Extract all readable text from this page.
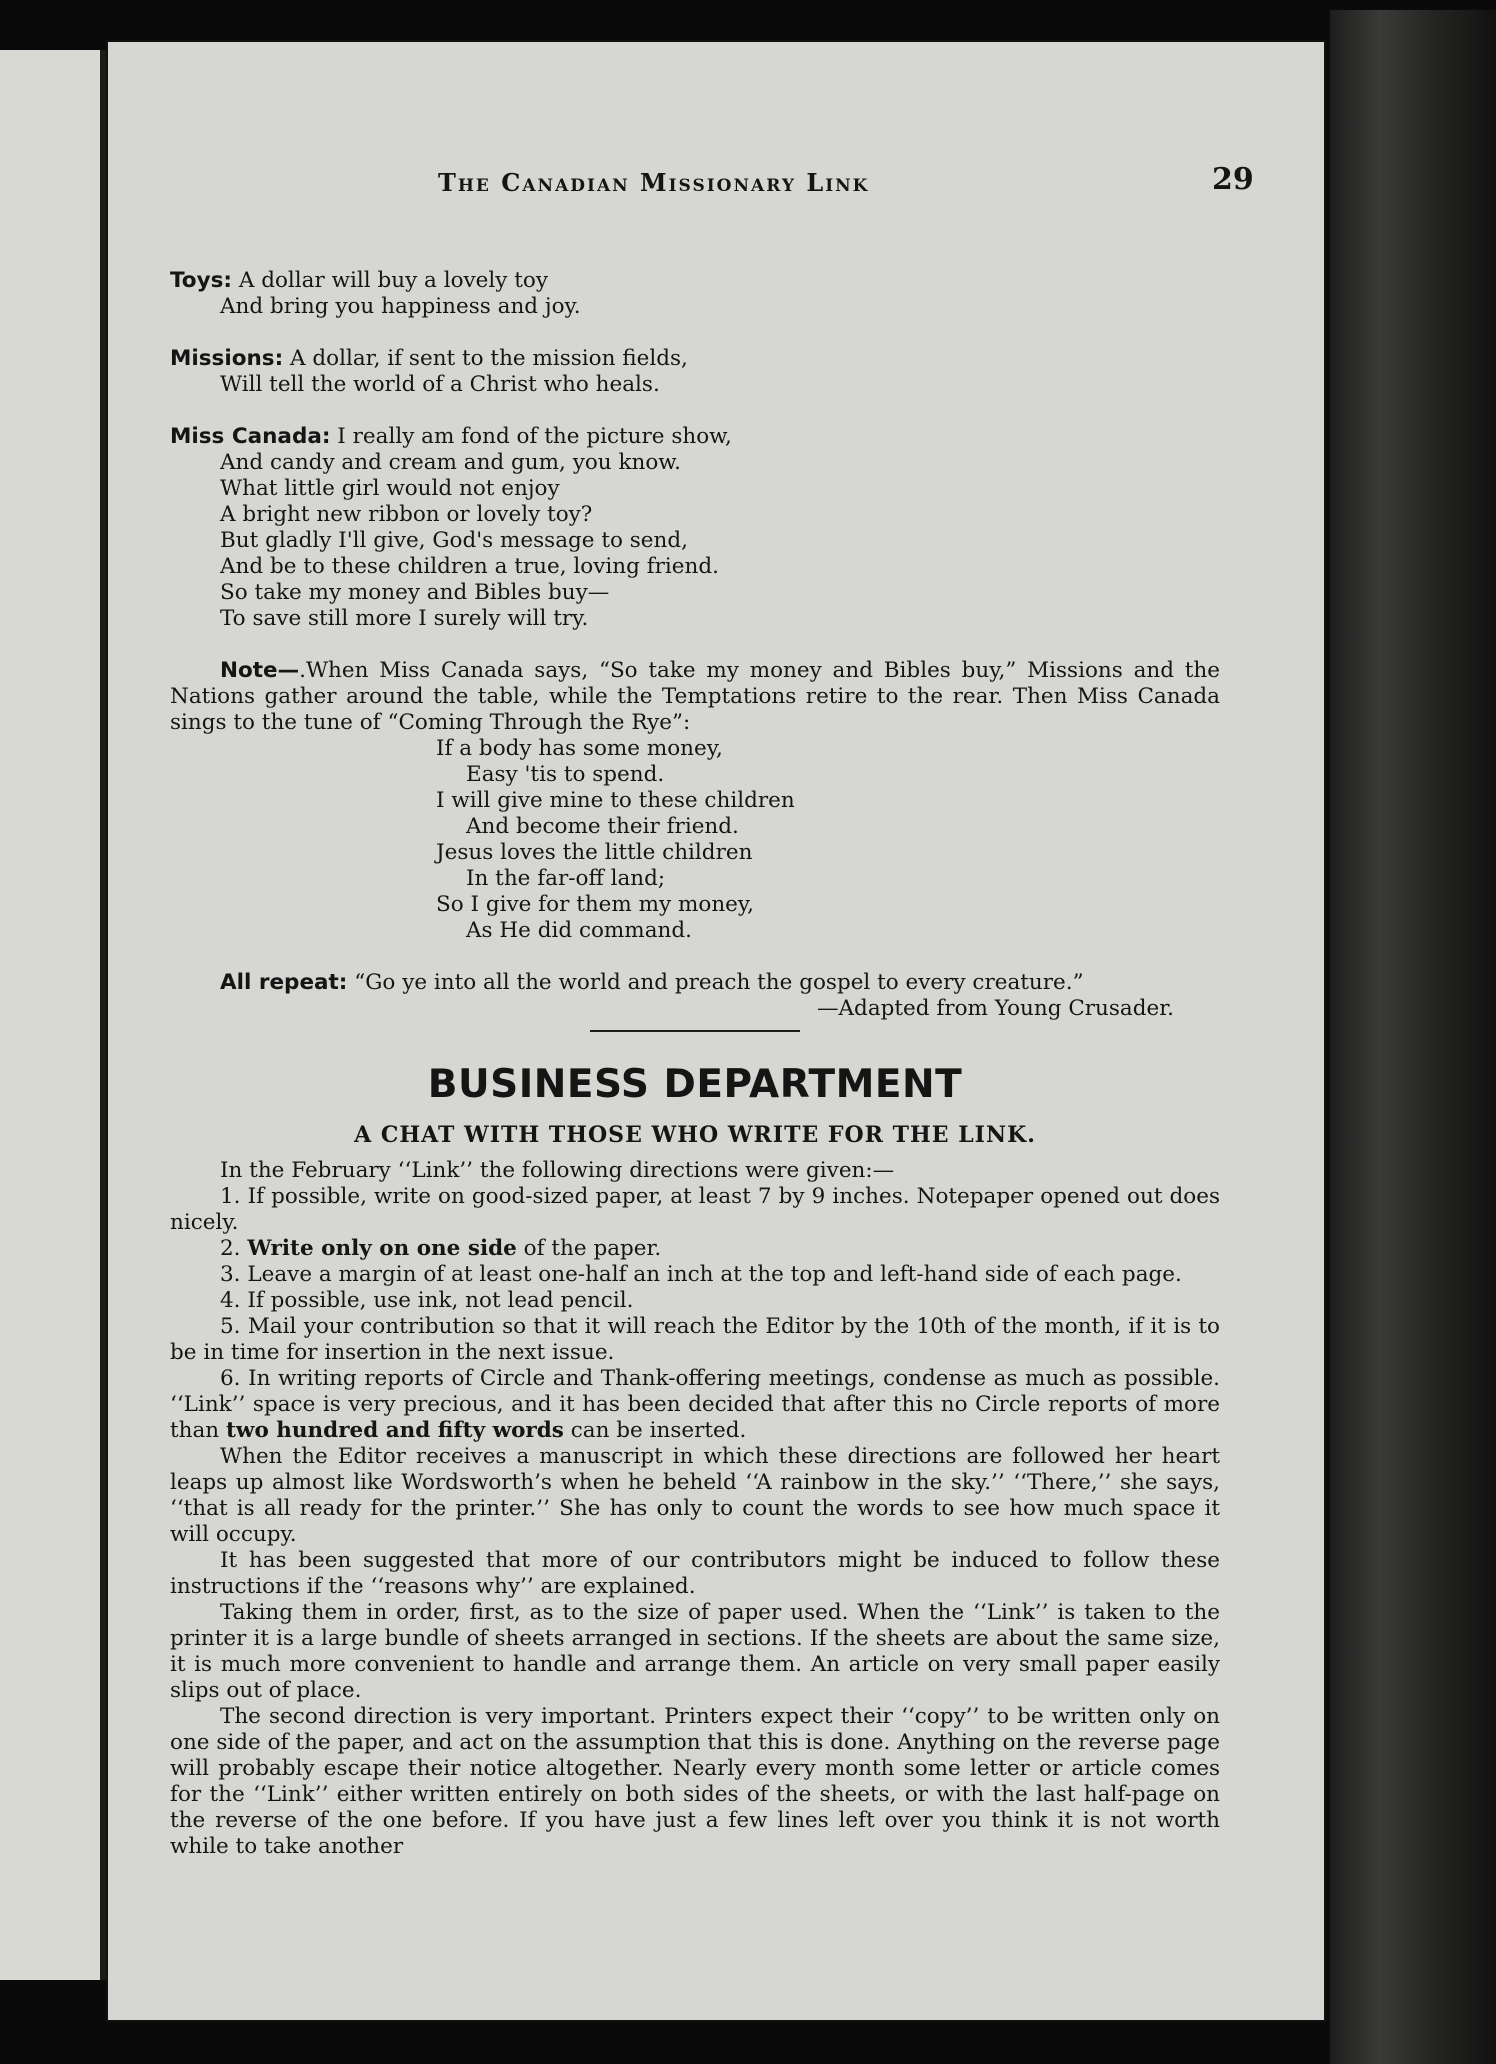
The Canadian Missionary Link	29
Toys: A dollar will buy a lovely toy
And bring you happiness and joy.
Missions: A dollar, if sent to the mission fields,
Will tell the world of a Christ who heals.
Miss Canada: I really am fond of the picture show,
And candy and cream and gum, you know.
What little girl would not enjoy
A bright new ribbon or lovely toy?
But gladly I'll give, God's message to send,
And be to these children a true, loving friend.
So take my money and Bibles buy—
To save still more I surely will try.

Note—.When Miss Canada says, “So take my money and Bibles buy,” Missions and the Nations gather around the table, while the Temptations retire to the rear. Then Miss Canada sings to the tune of “Coming Through the Rye”:

If a body has some money,
Easy 'tis to spend.
I will give mine to these children
And become their friend.
Jesus loves the little children
In the far-off land;
So I give for them my money,
As He did command.

All repeat: “Go ye into all the world and preach the gospel to every creature.”

—Adapted from Young Crusader.
BUSINESS DEPARTMENT
A CHAT WITH THOSE WHO WRITE FOR THE LINK.

In the February ‘‘Link’’ the following directions were given:—

1. If possible, write on good-sized paper, at least 7 by 9 inches. Notepaper opened out does nicely.

2. Write only on one side of the paper.

3. Leave a margin of at least one-half an inch at the top and left-hand side of each page.

4. If possible, use ink, not lead pencil.

5. Mail your contribution so that it will reach the Editor by the 10th of the month, if it is to be in time for insertion in the next issue.

6. In writing reports of Circle and Thank-offering meetings, condense as much as possible. ‘‘Link’’ space is very precious, and it has been decided that after this no Circle reports of more than two hundred and fifty words can be inserted.

When the Editor receives a manuscript in which these directions are followed her heart leaps up almost like Wordsworth’s when he beheld ‘‘A rainbow in the sky.’’ ‘‘There,’’ she says, ‘‘that is all ready for the printer.’’ She has only to count the words to see how much space it will occupy.

It has been suggested that more of our contributors might be induced to follow these instructions if the ‘‘reasons why’’ are explained.

Taking them in order, first, as to the size of paper used. When the ‘‘Link’’ is taken to the printer it is a large bundle of sheets arranged in sections. If the sheets are about the same size, it is much more convenient to handle and arrange them. An article on very small paper easily slips out of place.

The second direction is very important. Printers expect their ‘‘copy’’ to be written only on one side of the paper, and act on the assumption that this is done. Anything on the reverse page will probably escape their notice altogether. Nearly every month some letter or article comes for the ‘‘Link’’ either written entirely on both sides of the sheets, or with the last half-page on the reverse of the one before. If you have just a few lines left over you think it is not worth while to take another
